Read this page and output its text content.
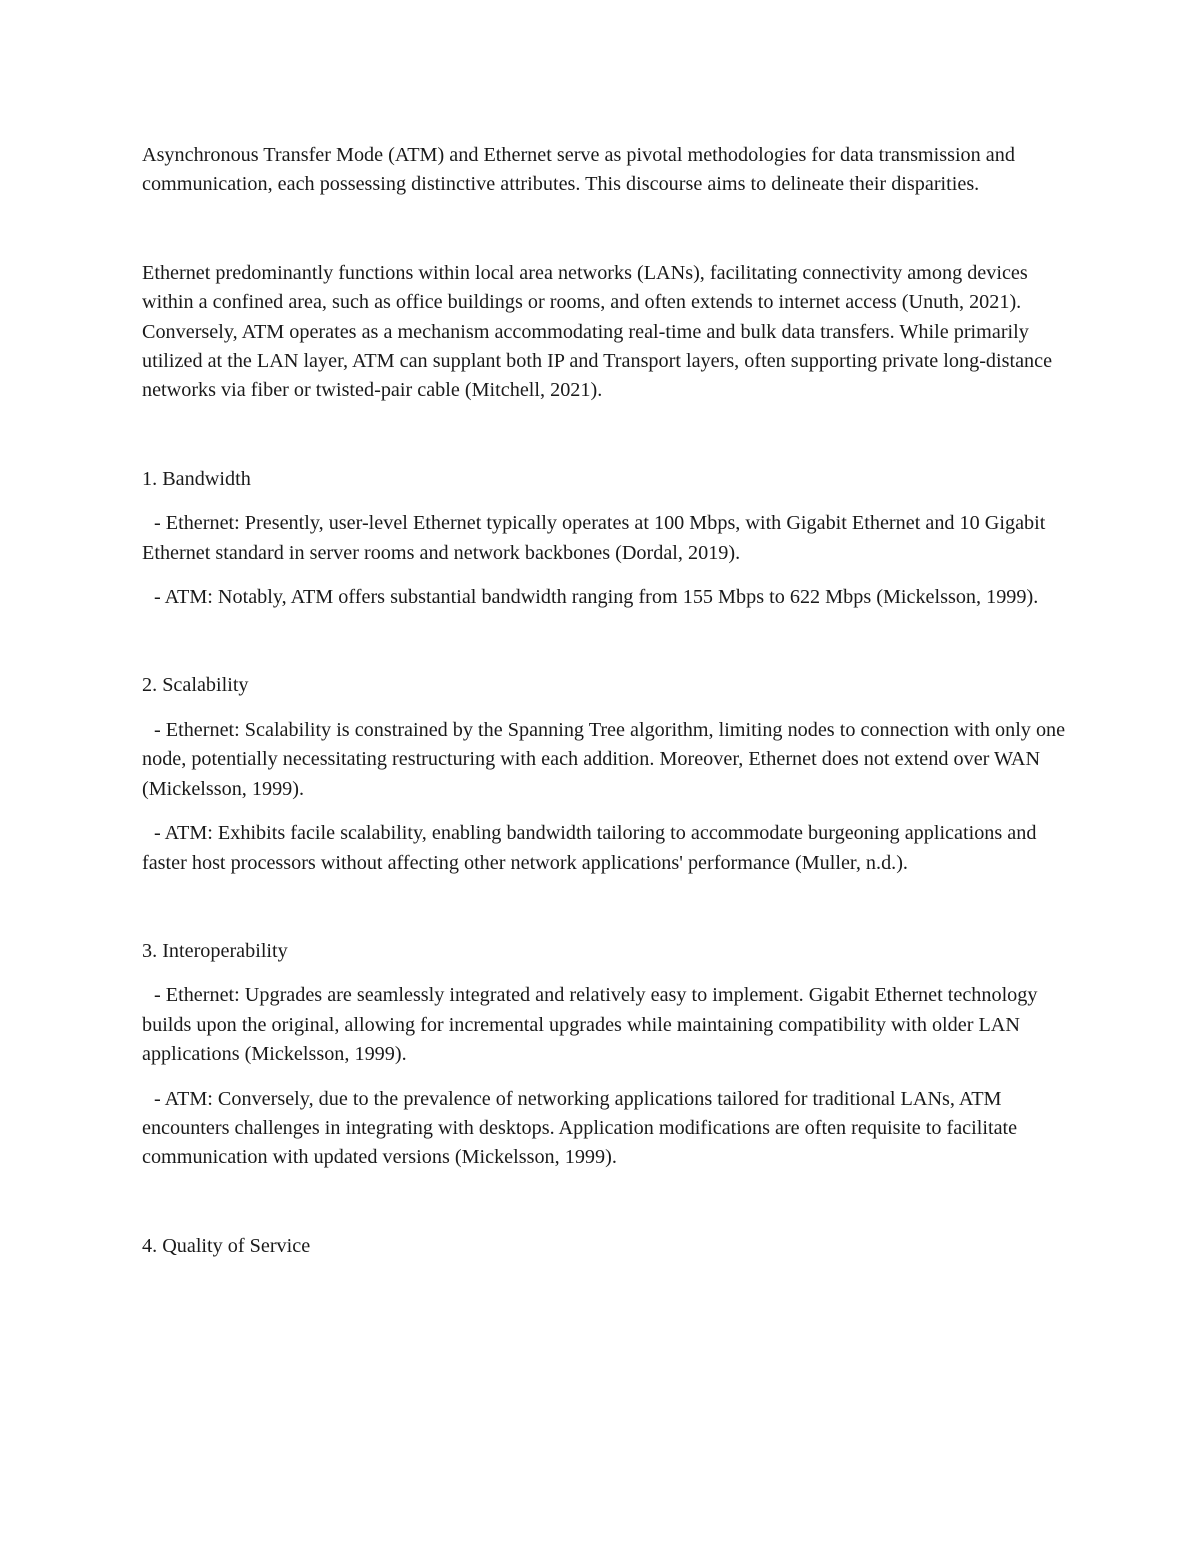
Asynchronous Transfer Mode (ATM) and Ethernet serve as pivotal methodologies for data transmission and communication, each possessing distinctive attributes. This discourse aims to delineate their disparities.

Ethernet predominantly functions within local area networks (LANs), facilitating connectivity among devices within a confined area, such as office buildings or rooms, and often extends to internet access (Unuth, 2021). Conversely, ATM operates as a mechanism accommodating real-time and bulk data transfers. While primarily utilized at the LAN layer, ATM can supplant both IP and Transport layers, often supporting private long-distance networks via fiber or twisted-pair cable (Mitchell, 2021).

1. Bandwidth

- Ethernet: Presently, user-level Ethernet typically operates at 100 Mbps, with Gigabit Ethernet and 10 Gigabit Ethernet standard in server rooms and network backbones (Dordal, 2019).

- ATM: Notably, ATM offers substantial bandwidth ranging from 155 Mbps to 622 Mbps (Mickelsson, 1999).

2. Scalability

- Ethernet: Scalability is constrained by the Spanning Tree algorithm, limiting nodes to connection with only one node, potentially necessitating restructuring with each addition. Moreover, Ethernet does not extend over WAN (Mickelsson, 1999).

- ATM: Exhibits facile scalability, enabling bandwidth tailoring to accommodate burgeoning applications and faster host processors without affecting other network applications' performance (Muller, n.d.).

3. Interoperability

- Ethernet: Upgrades are seamlessly integrated and relatively easy to implement. Gigabit Ethernet technology builds upon the original, allowing for incremental upgrades while maintaining compatibility with older LAN applications (Mickelsson, 1999).

- ATM: Conversely, due to the prevalence of networking applications tailored for traditional LANs, ATM encounters challenges in integrating with desktops. Application modifications are often requisite to facilitate communication with updated versions (Mickelsson, 1999).

4. Quality of Service
